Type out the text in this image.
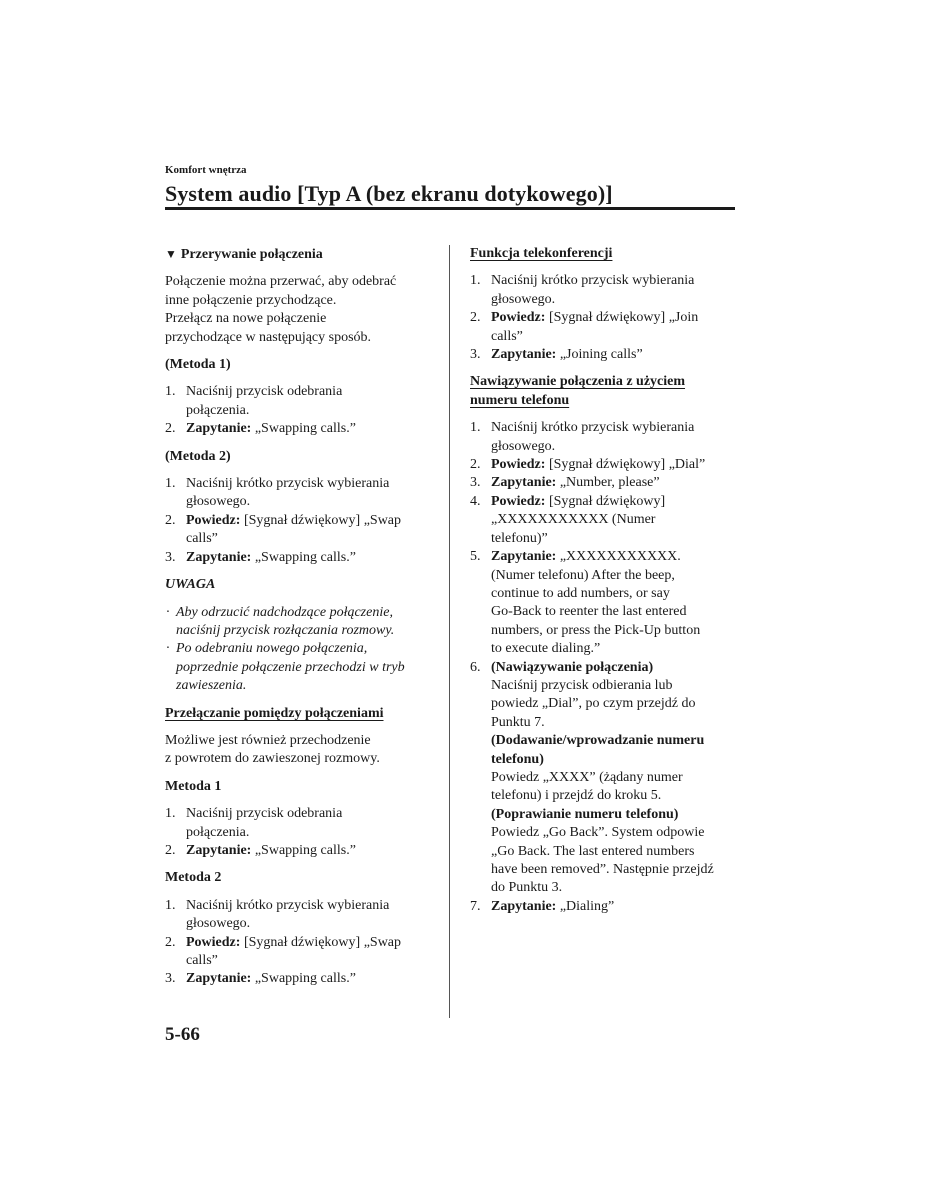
Komfort wnętrza
System audio [Typ A (bez ekranu dotykowego)]

▼ Przerywanie połączenia

Połączenie można przerwać, aby odebrać
inne połączenie przychodzące.
Przełącz na nowe połączenie
przychodzące w następujący sposób.

(Metoda 1)

1. Naciśnij przycisk odebrania
połączenia.
2. Zapytanie: „Swapping calls.”

(Metoda 2)

1. Naciśnij krótko przycisk wybierania
głosowego.
2. Powiedz: [Sygnał dźwiękowy] „Swap
calls”
3. Zapytanie: „Swapping calls.”

UWAGA

· Aby odrzucić nadchodzące połączenie,
naciśnij przycisk rozłączania rozmowy.
· Po odebraniu nowego połączenia,
poprzednie połączenie przechodzi w tryb
zawieszenia.

Przełączanie pomiędzy połączeniami

Możliwe jest również przechodzenie
z powrotem do zawieszonej rozmowy.

Metoda 1

1. Naciśnij przycisk odebrania
połączenia.
2. Zapytanie: „Swapping calls.”

Metoda 2

1. Naciśnij krótko przycisk wybierania
głosowego.
2. Powiedz: [Sygnał dźwiękowy] „Swap
calls”
3. Zapytanie: „Swapping calls.”

Funkcja telekonferencji

1. Naciśnij krótko przycisk wybierania
głosowego.
2. Powiedz: [Sygnał dźwiękowy] „Join
calls”
3. Zapytanie: „Joining calls”

Nawiązywanie połączenia z użyciem
numeru telefonu

1. Naciśnij krótko przycisk wybierania
głosowego.
2. Powiedz: [Sygnał dźwiękowy] „Dial”
3. Zapytanie: „Number, please”
4. Powiedz: [Sygnał dźwiękowy]
„XXXXXXXXXXX (Numer
telefonu)”
5. Zapytanie: „XXXXXXXXXXX.
(Numer telefonu) After the beep,
continue to add numbers, or say
Go-Back to reenter the last entered
numbers, or press the Pick-Up button
to execute dialing.”
6. (Nawiązywanie połączenia)
Naciśnij przycisk odbierania lub
powiedz „Dial”, po czym przejdź do
Punktu 7.
(Dodawanie/wprowadzanie numeru
telefonu)
Powiedz „XXXX” (żądany numer
telefonu) i przejdź do kroku 5.
(Poprawianie numeru telefonu)
Powiedz „Go Back”. System odpowie
„Go Back. The last entered numbers
have been removed”. Następnie przejdź
do Punktu 3.
7. Zapytanie: „Dialing”
5-66
